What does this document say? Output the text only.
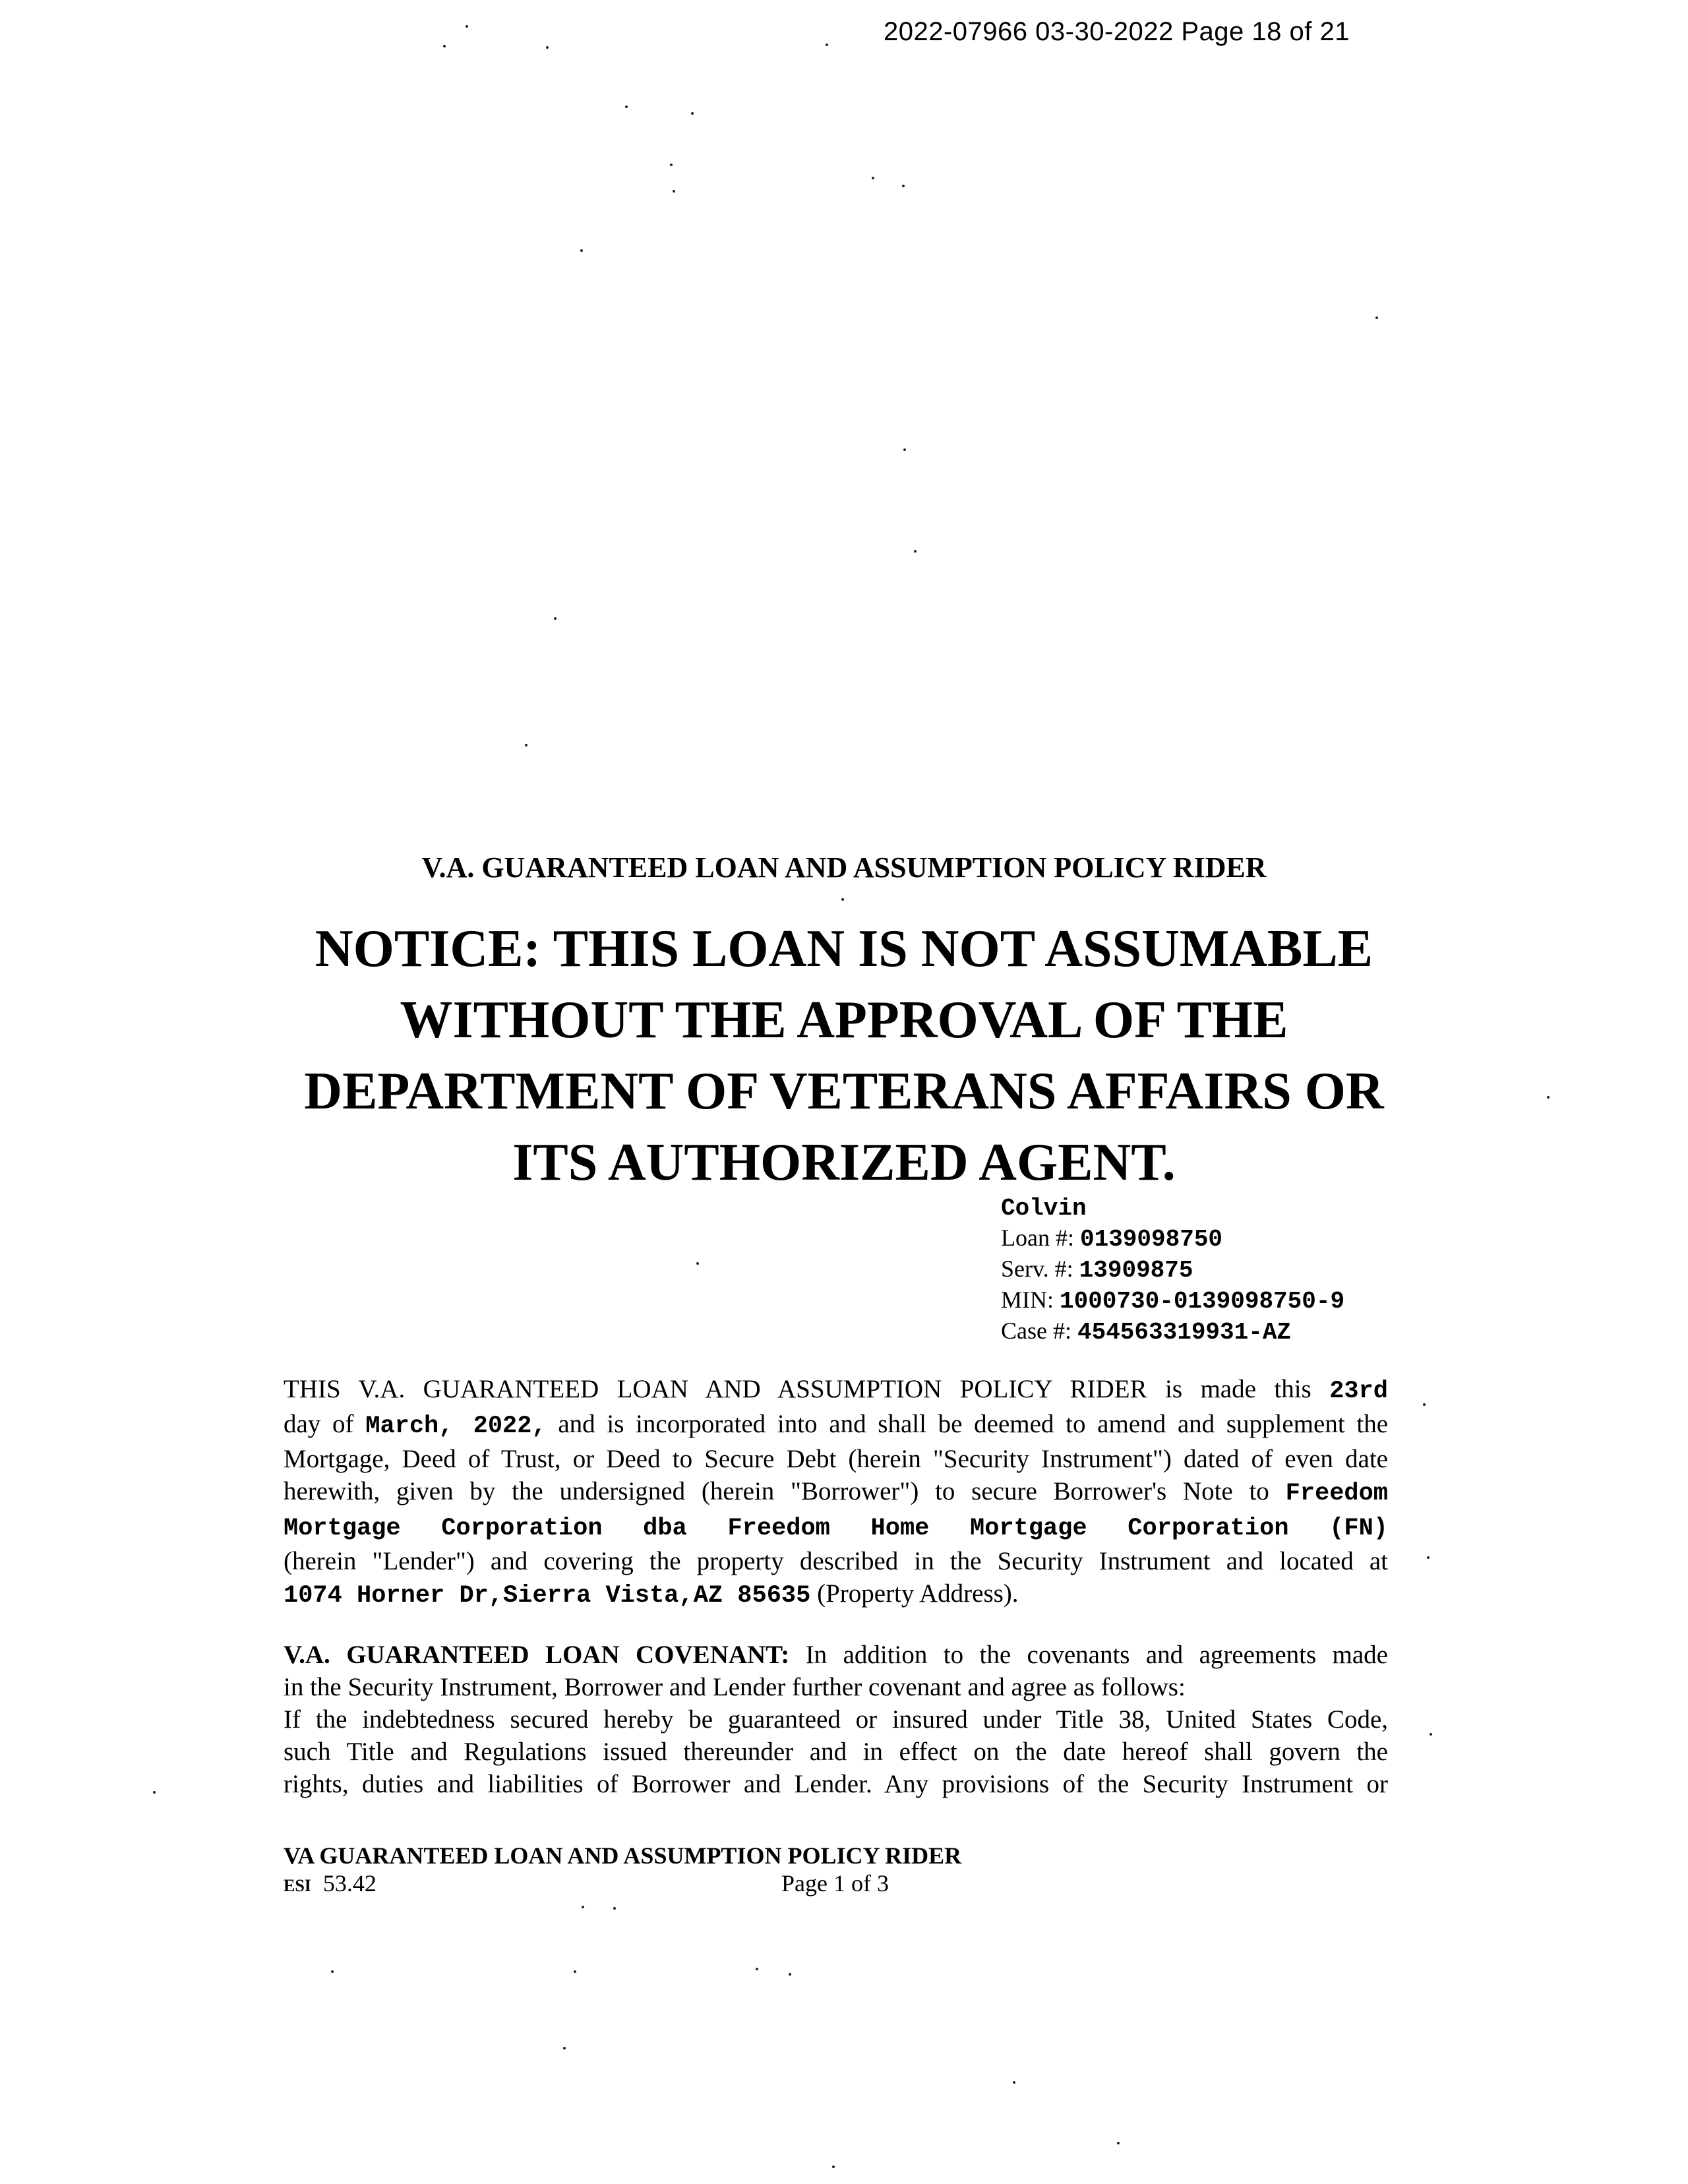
2022-07966 03-30-2022 Page 18 of 21
V.A. GUARANTEED LOAN AND ASSUMPTION POLICY RIDER
NOTICE: THIS LOAN IS NOT ASSUMABLE
WITHOUT THE APPROVAL OF THE
DEPARTMENT OF VETERANS AFFAIRS OR
ITS AUTHORIZED AGENT.
Colvin
Loan #: 0139098750
Serv. #: 13909875
MIN: 1000730-0139098750-9
Case #: 454563319931-AZ
THIS V.A. GUARANTEED LOAN AND ASSUMPTION POLICY RIDER is made this 23rd
day of March, 2022, and is incorporated into and shall be deemed to amend and supplement the
Mortgage, Deed of Trust, or Deed to Secure Debt (herein "Security Instrument") dated of even date
herewith, given by the undersigned (herein "Borrower") to secure Borrower's Note to Freedom
Mortgage Corporation dba Freedom Home Mortgage Corporation (FN)
(herein "Lender") and covering the property described in the Security Instrument and located at
1074 Horner Dr,Sierra Vista,AZ 85635 (Property Address).
V.A. GUARANTEED LOAN COVENANT: In addition to the covenants and agreements made
in the Security Instrument, Borrower and Lender further covenant and agree as follows:
If the indebtedness secured hereby be guaranteed or insured under Title 38, United States Code,
such Title and Regulations issued thereunder and in effect on the date hereof shall govern the
rights, duties and liabilities of Borrower and Lender. Any provisions of the Security Instrument or
VA GUARANTEED LOAN AND ASSUMPTION POLICY RIDER
ESI 53.42	Page 1 of 3
